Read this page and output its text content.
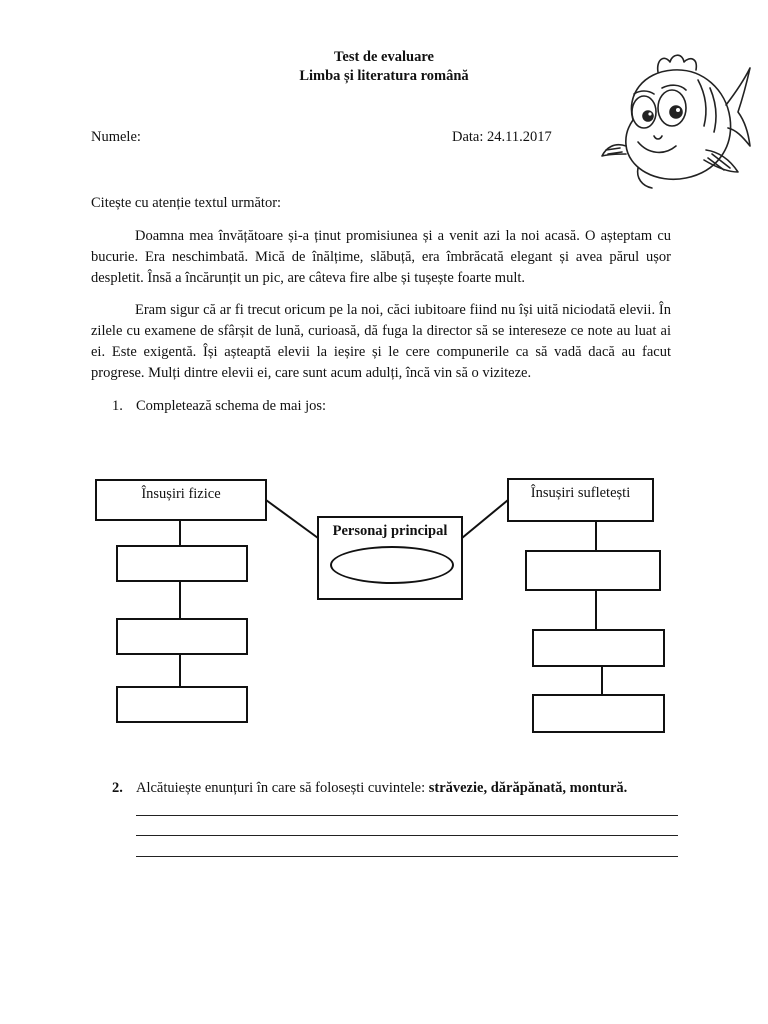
Test de evaluare
Limba și literatura română
Numele:	Data: 24.11.2017
Citește cu atenție textul următor:
Doamna mea învățătoare și-a ținut promisiunea și a venit azi la noi acasă. O așteptam cu bucurie. Era neschimbată. Mică de înălțime, slăbuță, era îmbrăcată elegant și avea părul ușor despletit. Însă a încărunțit un pic, are câteva fire albe și tușește foarte mult.
Eram sigur că ar fi trecut oricum pe la noi, căci iubitoare fiind nu își uită niciodată elevii. În zilele cu examene de sfârșit de lună, curioasă, dă fuga la director să se intereseze ce note au luat ai ei. Este exigentă. Își așteaptă elevii la ieșire și le cere compunerile ca să vadă dacă au facut progrese. Mulți dintre elevii ei, care sunt acum adulți, încă vin să o viziteze.
1. Completează schema de mai jos:
Însușiri fizice
Personaj principal
Însușiri sufletești
2. Alcătuiește enunțuri în care să folosești cuvintele: străvezie, dărăpănată, montură.
